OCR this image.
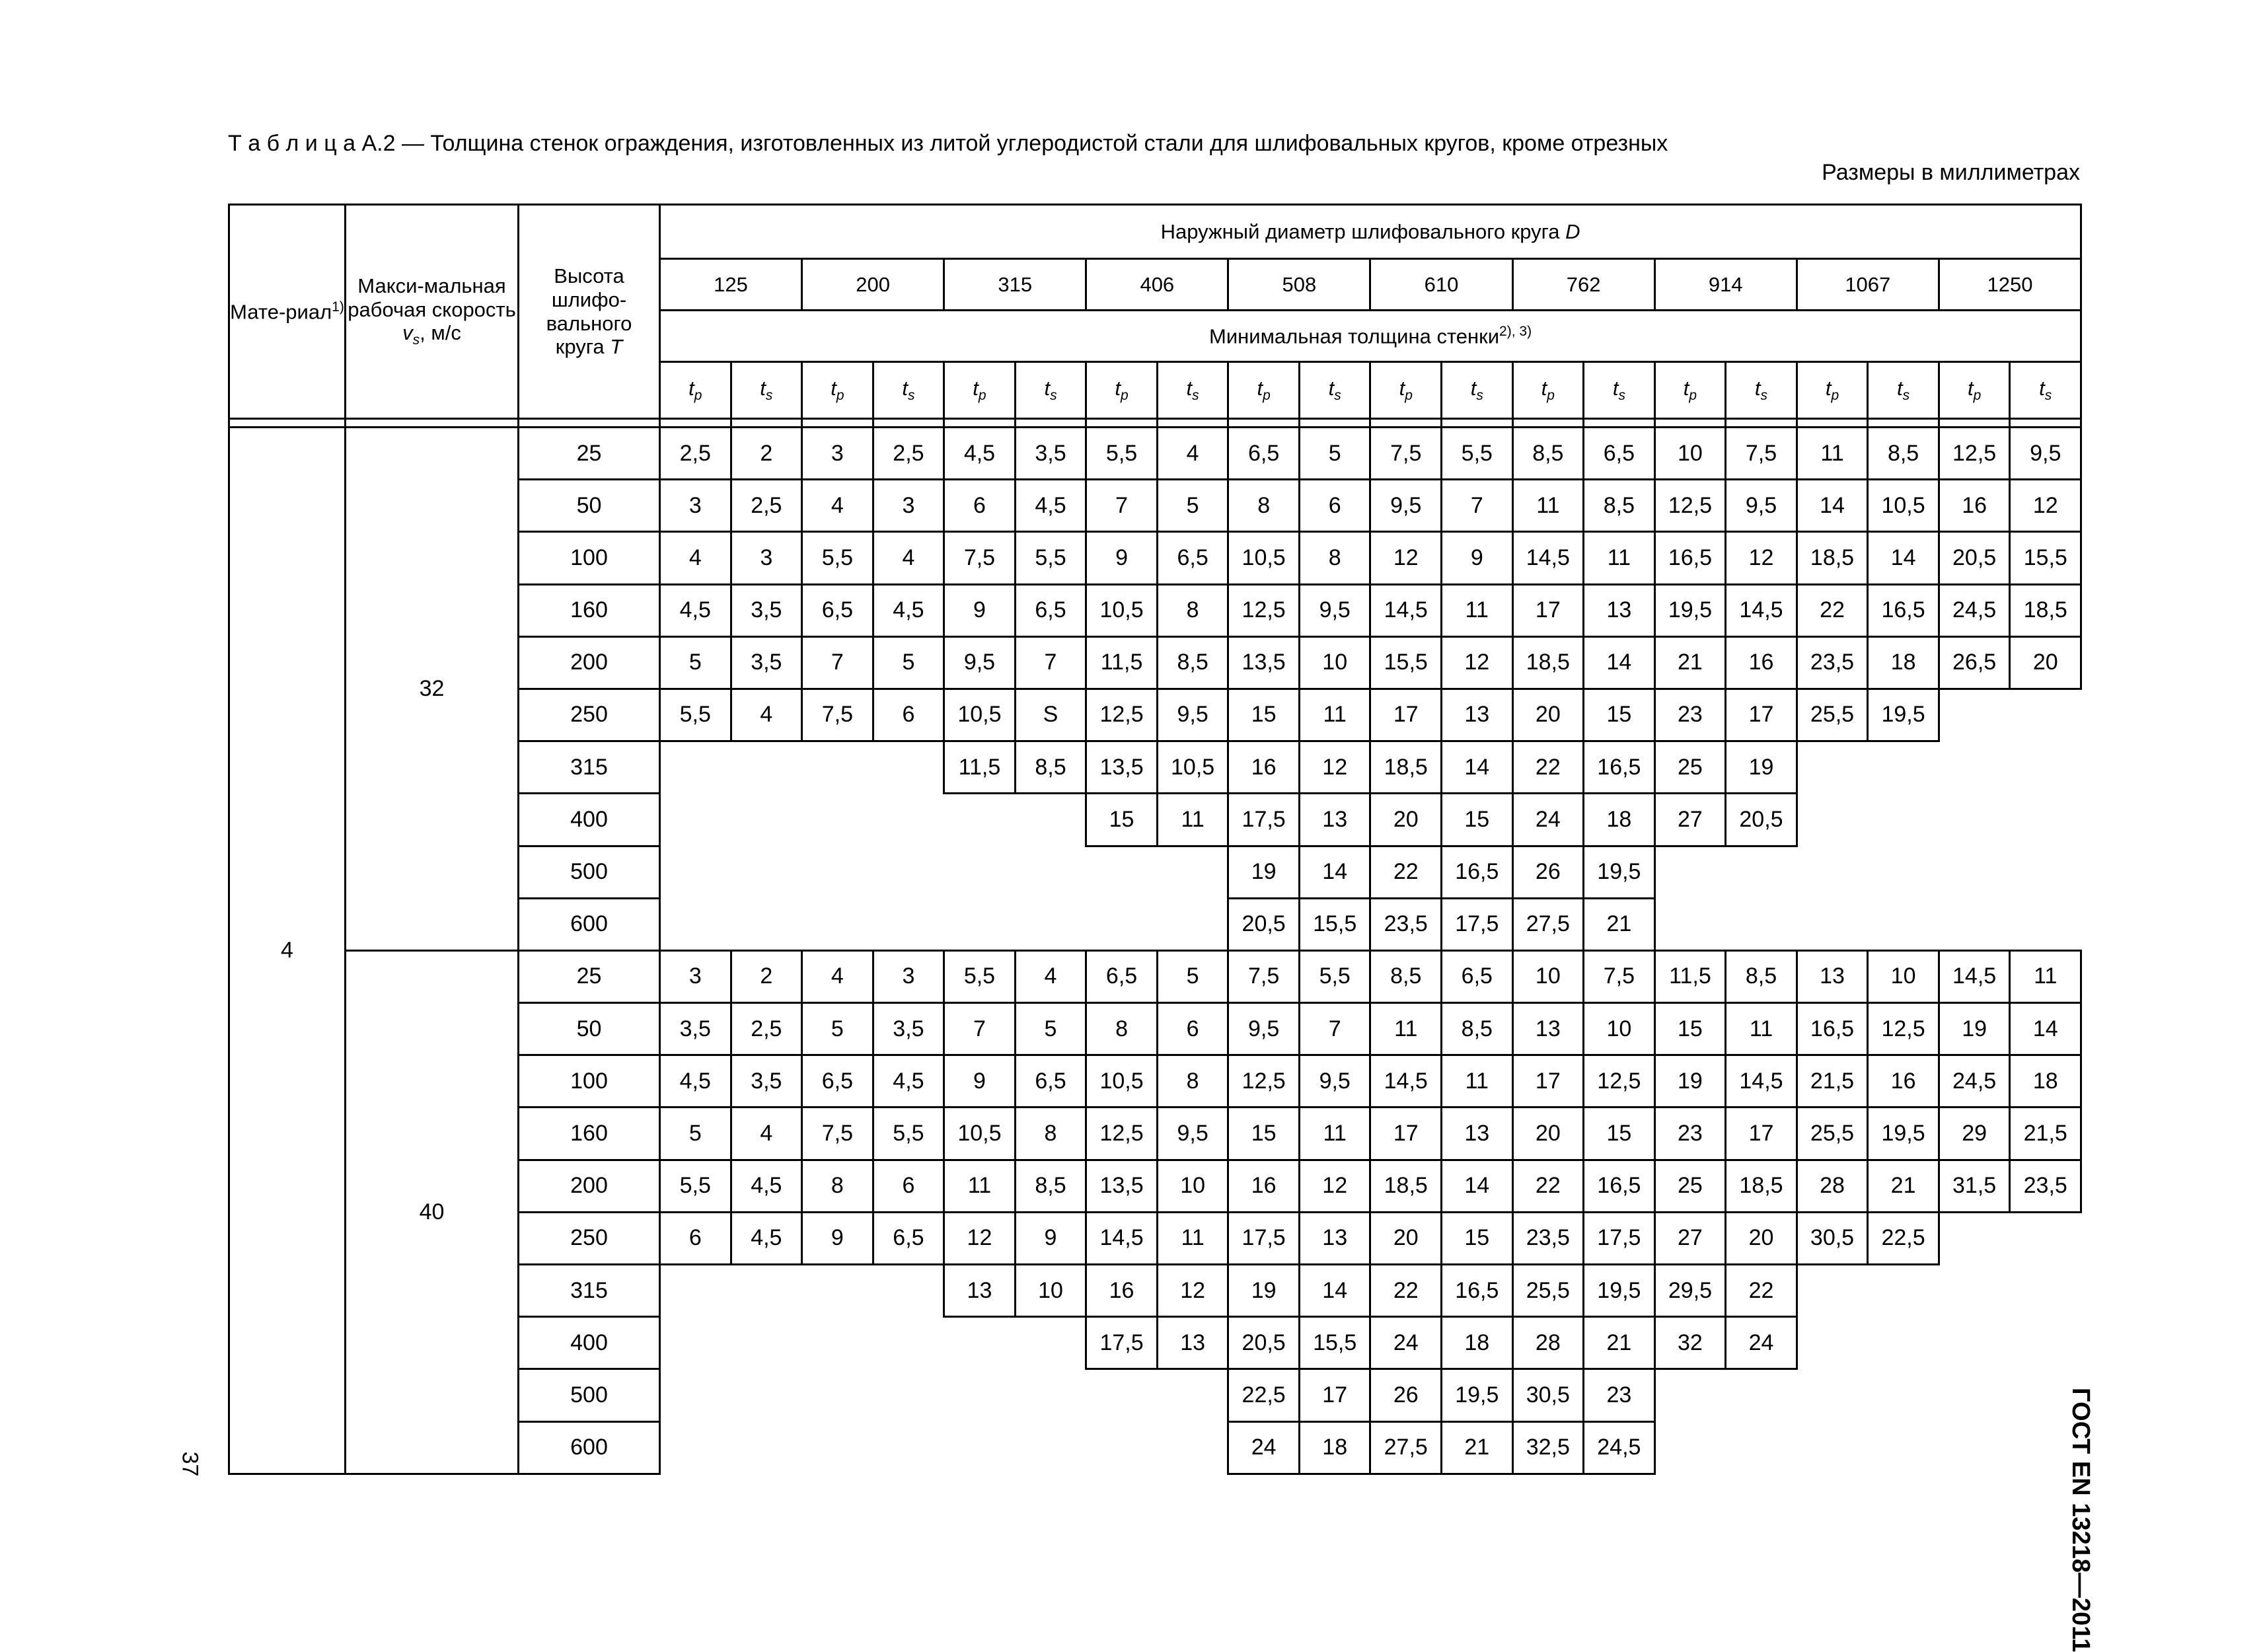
Т а б л и ц а А.2 — Толщина стенок ограждения, изготовленных из литой углеродистой стали для шлифовальных кругов, кроме отрезных
Размеры в миллиметрах
Мате-риал$^{1)}$	Макси-мальная рабочая скорость $v_s$, м/с	Высота шлифо-вального круга T	Наружный диаметр шлифовального круга D																			
			125		200		315		406		508		610		762		914		1067		1250	
			Минимальная толщина стенки$^{2), 3)}$
			$t_p$	$t_s$	$t_p$	$t_s$	$t_p$	$t_s$	$t_p$	$t_s$	$t_p$	$t_s$	$t_p$	$t_s$	$t_p$	$t_s$	$t_p$	$t_s$	$t_p$	$t_s$	$t_p$	$t_s$

4	32	25	2,5	2	3	2,5	4,5	3,5	5,5	4	6,5	5	7,5	5,5	8,5	6,5	10	7,5	11	8,5	12,5	9,5
		50	3	2,5	4	3	6	4,5	7	5	8	6	9,5	7	11	8,5	12,5	9,5	14	10,5	16	12
		100	4	3	5,5	4	7,5	5,5	9	6,5	10,5	8	12	9	14,5	11	16,5	12	18,5	14	20,5	15,5
		160	4,5	3,5	6,5	4,5	9	6,5	10,5	8	12,5	9,5	14,5	11	17	13	19,5	14,5	22	16,5	24,5	18,5
		200	5	3,5	7	5	9,5	7	11,5	8,5	13,5	10	15,5	12	18,5	14	21	16	23,5	18	26,5	20
		250	5,5	4	7,5	6	10,5	S	12,5	9,5	15	11	17	13	20	15	23	17	25,5	19,5		
		315					11,5	8,5	13,5	10,5	16	12	18,5	14	22	16,5	25	19				
		400							15	11	17,5	13	20	15	24	18	27	20,5				
		500									19	14	22	16,5	26	19,5						
		600									20,5	15,5	23,5	17,5	27,5	21						
	40	25	3	2	4	3	5,5	4	6,5	5	7,5	5,5	8,5	6,5	10	7,5	11,5	8,5	13	10	14,5	11
		50	3,5	2,5	5	3,5	7	5	8	6	9,5	7	11	8,5	13	10	15	11	16,5	12,5	19	14
		100	4,5	3,5	6,5	4,5	9	6,5	10,5	8	12,5	9,5	14,5	11	17	12,5	19	14,5	21,5	16	24,5	18
		160	5	4	7,5	5,5	10,5	8	12,5	9,5	15	11	17	13	20	15	23	17	25,5	19,5	29	21,5
		200	5,5	4,5	8	6	11	8,5	13,5	10	16	12	18,5	14	22	16,5	25	18,5	28	21	31,5	23,5
		250	6	4,5	9	6,5	12	9	14,5	11	17,5	13	20	15	23,5	17,5	27	20	30,5	22,5		
		315					13	10	16	12	19	14	22	16,5	25,5	19,5	29,5	22				
		400							17,5	13	20,5	15,5	24	18	28	21	32	24				
		500									22,5	17	26	19,5	30,5	23						
		600									24	18	27,5	21	32,5	24,5						
37	ГОСТ EN 13218—2011
